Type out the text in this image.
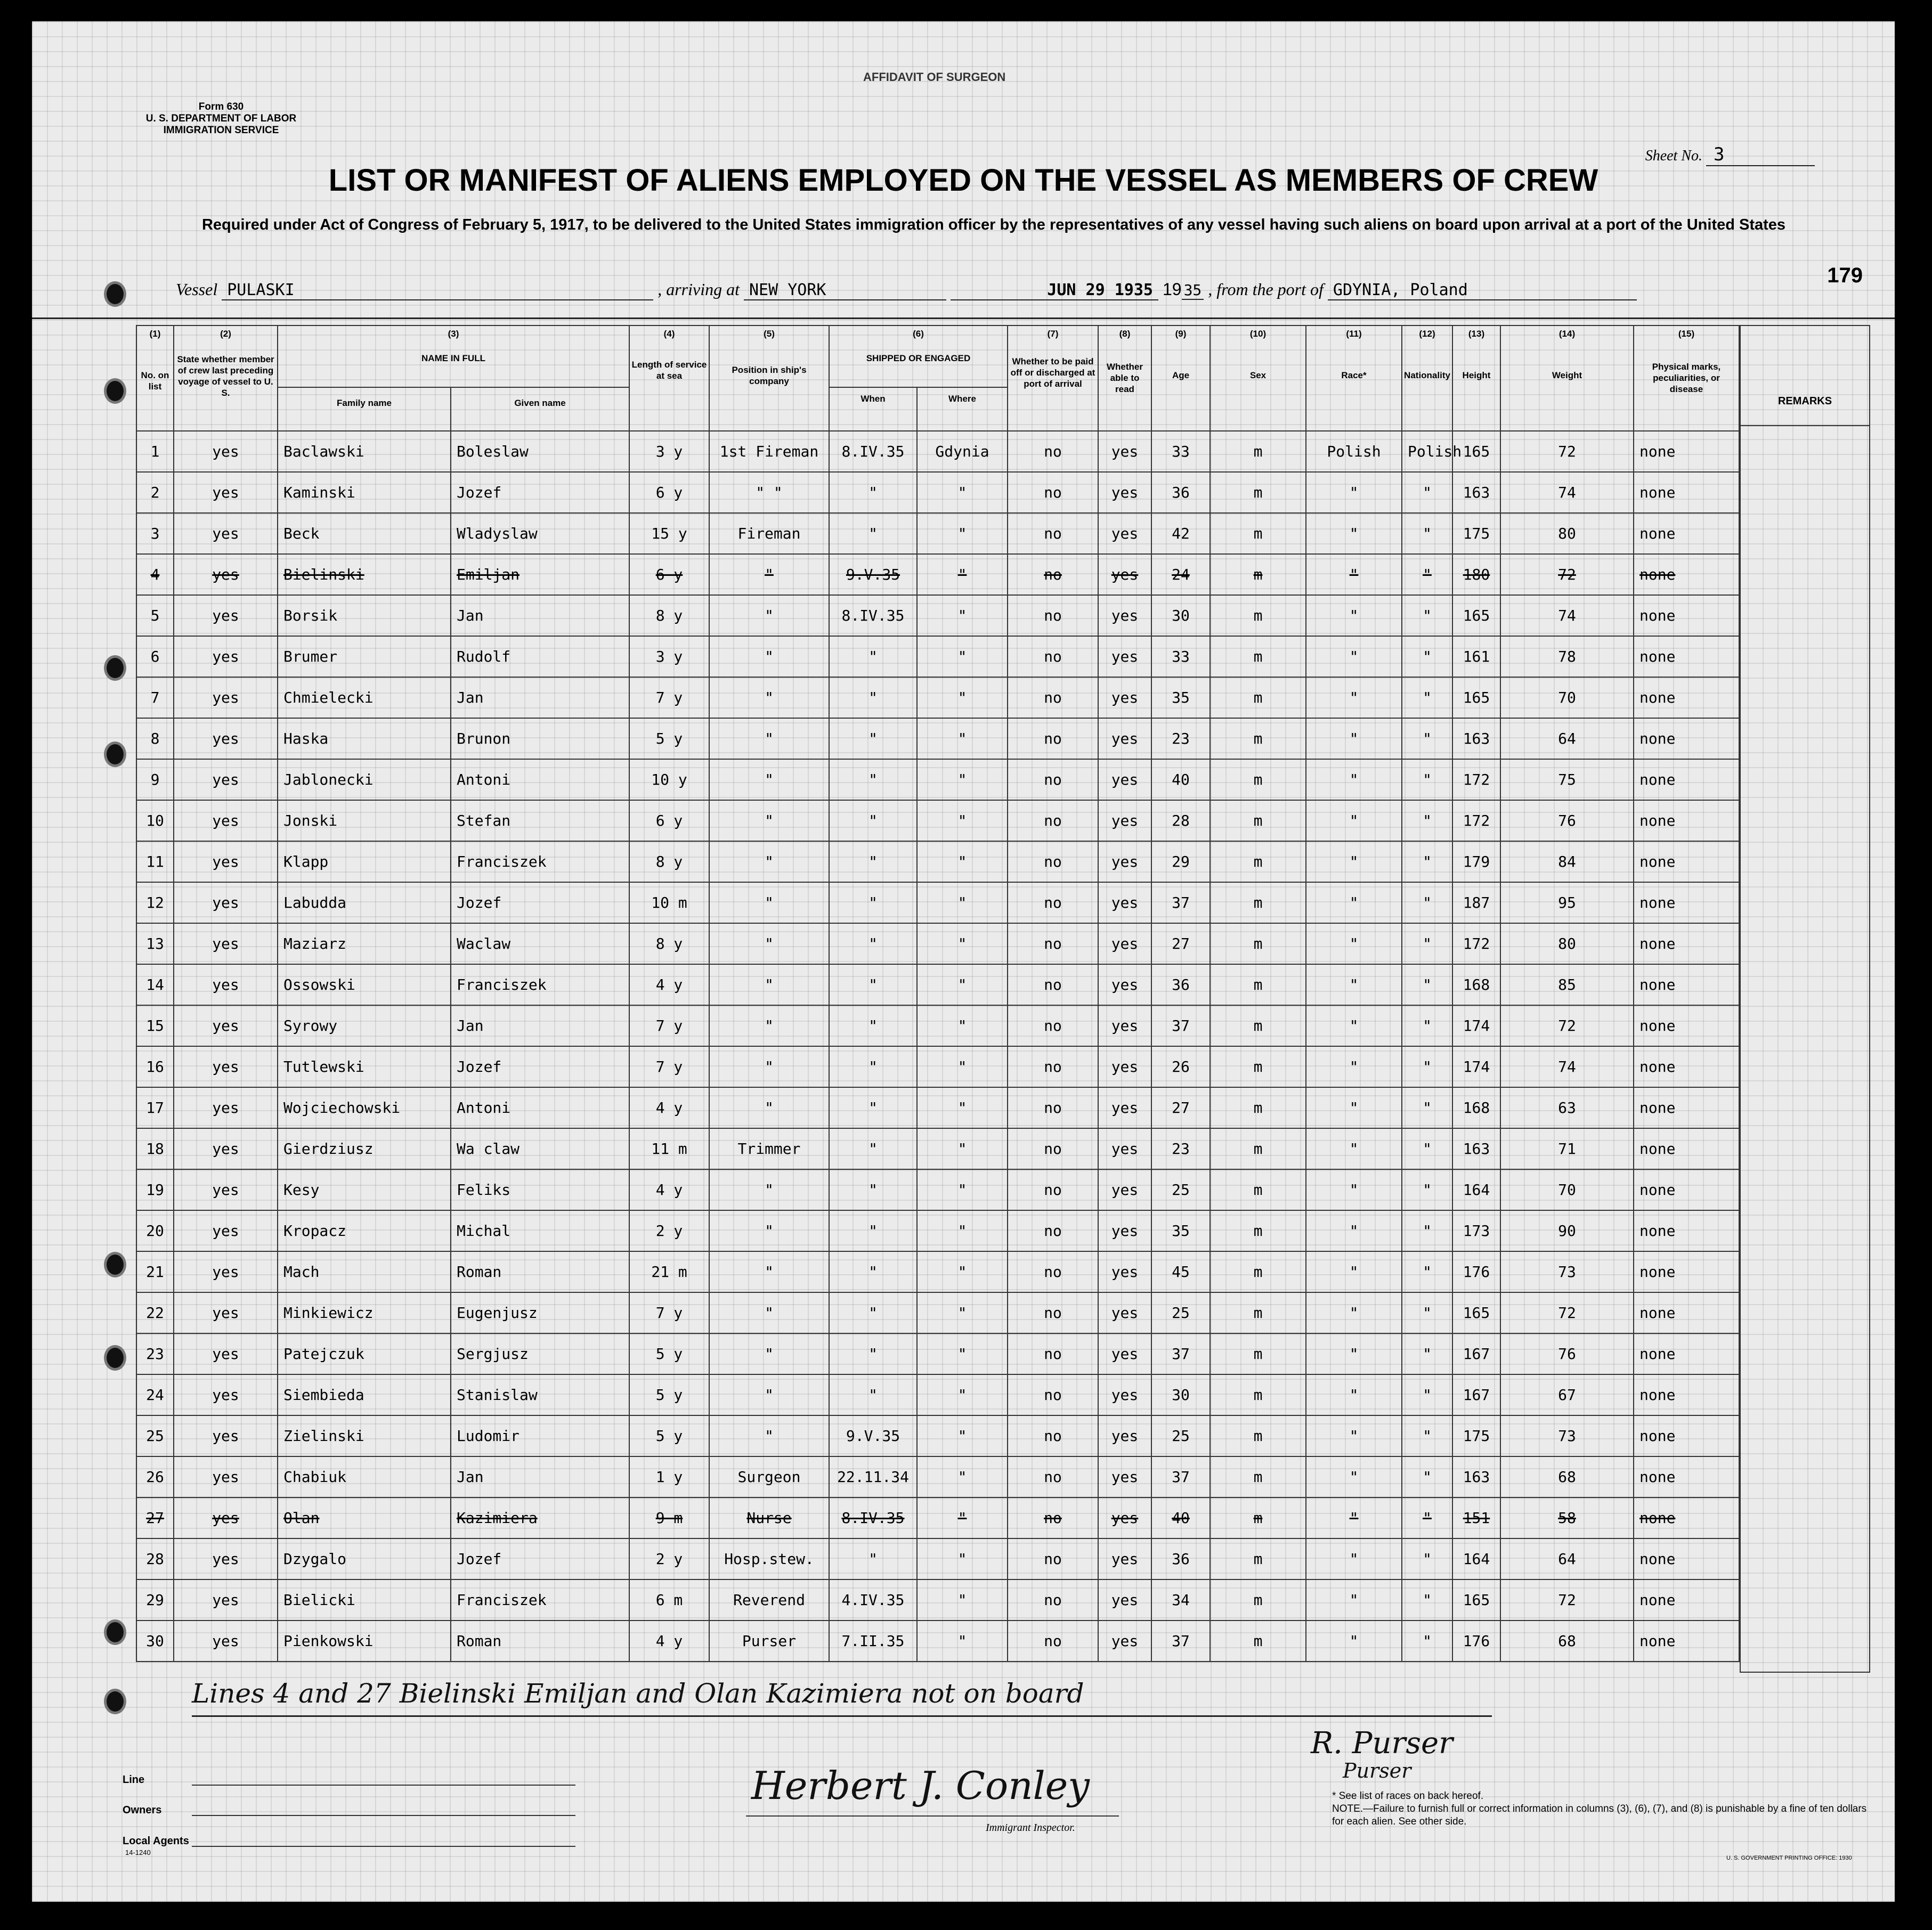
AFFIDAVIT OF SURGEON
Form 630
U. S. DEPARTMENT OF LABOR
IMMIGRATION SERVICE
Sheet No. 3
LIST OR MANIFEST OF ALIENS EMPLOYED ON THE VESSEL AS MEMBERS OF CREW
Required under Act of Congress of February 5, 1917, to be delivered to the United States immigration officer by the representatives of any vessel having such aliens on board upon arrival at a port of the United States
179
Vessel PULASKI	, arriving at NEW YORK	JUN 29 1935 19 35 , from the port of GDYNIA, Poland
(1)	(2)	(3)		(4)	(5)	(6)		(7)	(8)	(9)	(10)	(11)	(12)	(13)	(14)	(15)
No. on list	State whether member of crew last preceding voyage of vessel to U. S.	NAME IN FULL		Length of service at sea	Position in ship's company	SHIPPED OR ENGAGED		Whether to be paid off or discharged at port of arrival	Whether able to read	Age	Sex	Race*	Nationality	Height	Weight	Physical marks, peculiarities, or disease
		Family name	Given name			When	Where									
1	yes	Baclawski	Boleslaw	3 y	1st Fireman	8.IV.35	Gdynia	no	yes	33	m	Polish	Polish	165	72	none
2	yes	Kaminski	Jozef	6 y	" "	"	"	no	yes	36	m	"	"	163	74	none
3	yes	Beck	Wladyslaw	15 y	Fireman	"	"	no	yes	42	m	"	"	175	80	none
4	yes	Bielinski	Emiljan	6 y	"	9.V.35	"	no	yes	24	m	"	"	180	72	none
5	yes	Borsik	Jan	8 y	"	8.IV.35	"	no	yes	30	m	"	"	165	74	none
6	yes	Brumer	Rudolf	3 y	"	"	"	no	yes	33	m	"	"	161	78	none
7	yes	Chmielecki	Jan	7 y	"	"	"	no	yes	35	m	"	"	165	70	none
8	yes	Haska	Brunon	5 y	"	"	"	no	yes	23	m	"	"	163	64	none
9	yes	Jablonecki	Antoni	10 y	"	"	"	no	yes	40	m	"	"	172	75	none
10	yes	Jonski	Stefan	6 y	"	"	"	no	yes	28	m	"	"	172	76	none
11	yes	Klapp	Franciszek	8 y	"	"	"	no	yes	29	m	"	"	179	84	none
12	yes	Labudda	Jozef	10 m	"	"	"	no	yes	37	m	"	"	187	95	none
13	yes	Maziarz	Waclaw	8 y	"	"	"	no	yes	27	m	"	"	172	80	none
14	yes	Ossowski	Franciszek	4 y	"	"	"	no	yes	36	m	"	"	168	85	none
15	yes	Syrowy	Jan	7 y	"	"	"	no	yes	37	m	"	"	174	72	none
16	yes	Tutlewski	Jozef	7 y	"	"	"	no	yes	26	m	"	"	174	74	none
17	yes	Wojciechowski	Antoni	4 y	"	"	"	no	yes	27	m	"	"	168	63	none
18	yes	Gierdziusz	Wa claw	11 m	Trimmer	"	"	no	yes	23	m	"	"	163	71	none
19	yes	Kesy	Feliks	4 y	"	"	"	no	yes	25	m	"	"	164	70	none
20	yes	Kropacz	Michal	2 y	"	"	"	no	yes	35	m	"	"	173	90	none
21	yes	Mach	Roman	21 m	"	"	"	no	yes	45	m	"	"	176	73	none
22	yes	Minkiewicz	Eugenjusz	7 y	"	"	"	no	yes	25	m	"	"	165	72	none
23	yes	Patejczuk	Sergjusz	5 y	"	"	"	no	yes	37	m	"	"	167	76	none
24	yes	Siembieda	Stanislaw	5 y	"	"	"	no	yes	30	m	"	"	167	67	none
25	yes	Zielinski	Ludomir	5 y	"	9.V.35	"	no	yes	25	m	"	"	175	73	none
26	yes	Chabiuk	Jan	1 y	Surgeon	22.11.34	"	no	yes	37	m	"	"	163	68	none
27	yes	Olan	Kazimiera	9 m	Nurse	8.IV.35	"	no	yes	40	m	"	"	151	58	none
28	yes	Dzygalo	Jozef	2 y	Hosp.stew.	"	"	no	yes	36	m	"	"	164	64	none
29	yes	Bielicki	Franciszek	6 m	Reverend	4.IV.35	"	no	yes	34	m	"	"	165	72	none
30	yes	Pienkowski	Roman	4 y	Purser	7.II.35	"	no	yes	37	m	"	"	176	68	none
REMARKS
Lines 4 and 27 Bielinski Emiljan and Olan Kazimiera not on board
Line
Owners
Local Agents
14-1240
Herbert J. Conley
Immigrant Inspector.
R. Purser
Purser
* See list of races on back hereof.
NOTE.—Failure to furnish full or correct information in columns (3), (6), (7), and (8) is punishable by a fine of ten dollars for each alien. See other side.
U. S. GOVERNMENT PRINTING OFFICE: 1930
